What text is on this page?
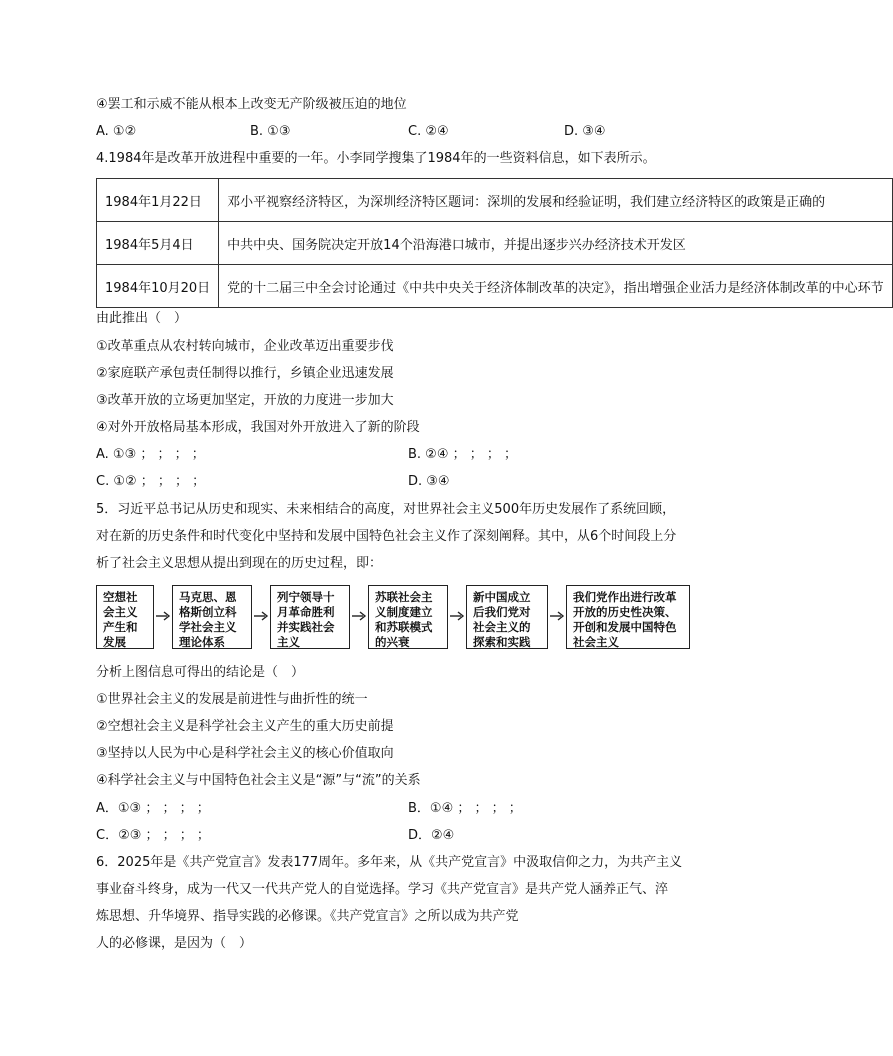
④罢工和示威不能从根本上改变无产阶级被压迫的地位
A. ①②	B. ①③	C. ②④	D. ③④
4.1984年是改革开放进程中重要的一年。小李同学搜集了1984年的一些资料信息，如下表所示。
1984年1月22日	邓小平视察经济特区，为深圳经济特区题词：深圳的发展和经验证明，我们建立经济特区的政策是正确的
1984年5月4日	中共中央、国务院决定开放14个沿海港口城市，并提出逐步兴办经济技术开发区
1984年10月20日	党的十二届三中全会讨论通过《中共中央关于经济体制改革的决定》，指出增强企业活力是经济体制改革的中心环节
由此推出（　）
①改革重点从农村转向城市，企业改革迈出重要步伐
②家庭联产承包责任制得以推行，乡镇企业迅速发展
③改革开放的立场更加坚定，开放的力度进一步加大
④对外开放格局基本形成，我国对外开放进入了新的阶段
A. ①③ ； ； ； ；	B. ②④ ； ； ； ；
C. ①② ； ； ； ；	D. ③④
5．习近平总书记从历史和现实、未来相结合的高度，对世界社会主义500年历史发展作了系统回顾，
对在新的历史条件和时代变化中坚持和发展中国特色社会主义作了深刻阐释。其中，从6个时间段上分
析了社会主义思想从提出到现在的历史过程，即：
空想社会主义产生和发展
马克思、恩格斯创立科学社会主义理论体系
列宁领导十月革命胜利并实践社会主义
苏联社会主义制度建立和苏联模式的兴衰
新中国成立后我们党对社会主义的探索和实践
我们党作出进行改革开放的历史性决策、开创和发展中国特色社会主义
分析上图信息可得出的结论是（　）
①世界社会主义的发展是前进性与曲折性的统一
②空想社会主义是科学社会主义产生的重大历史前提
③坚持以人民为中心是科学社会主义的核心价值取向
④科学社会主义与中国特色社会主义是“源”与“流”的关系
A．①③ ； ； ； ；	B．①④ ； ； ； ；
C．②③ ； ； ； ；	D．②④
6．2025年是《共产党宣言》发表177周年。多年来，从《共产党宣言》中汲取信仰之力，为共产主义
事业奋斗终身，成为一代又一代共产党人的自觉选择。学习《共产党宣言》是共产党人涵养正气、淬
炼思想、升华境界、指导实践的必修课。《共产党宣言》之所以成为共产党
人的必修课，是因为（　）
